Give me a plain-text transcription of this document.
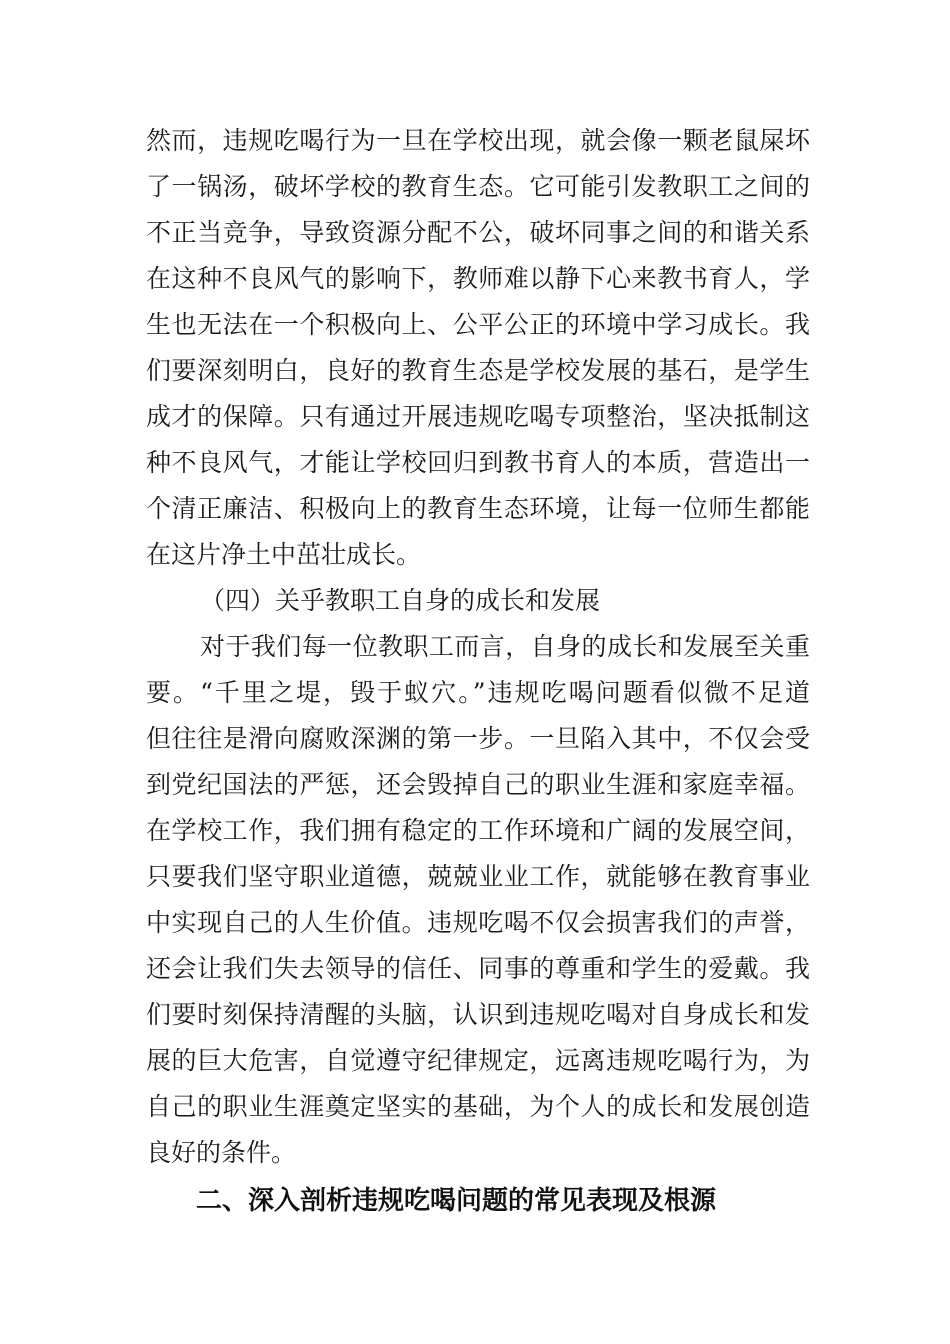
然而，违规吃喝行为一旦在学校出现，就会像一颗老鼠屎坏
了一锅汤，破坏学校的教育生态。它可能引发教职工之间的
不正当竞争，导致资源分配不公，破坏同事之间的和谐关系
在这种不良风气的影响下，教师难以静下心来教书育人，学
生也无法在一个积极向上、公平公正的环境中学习成长。我
们要深刻明白，良好的教育生态是学校发展的基石，是学生
成才的保障。只有通过开展违规吃喝专项整治，坚决抵制这
种不良风气，才能让学校回归到教书育人的本质，营造出一
个清正廉洁、积极向上的教育生态环境，让每一位师生都能
在这片净土中茁壮成长。
（四）关乎教职工自身的成长和发展
对于我们每一位教职工而言，自身的成长和发展至关重
要。“千里之堤，毁于蚁穴。”违规吃喝问题看似微不足道
但往往是滑向腐败深渊的第一步。一旦陷入其中，不仅会受
到党纪国法的严惩，还会毁掉自己的职业生涯和家庭幸福。
在学校工作，我们拥有稳定的工作环境和广阔的发展空间，
只要我们坚守职业道德，兢兢业业工作，就能够在教育事业
中实现自己的人生价值。违规吃喝不仅会损害我们的声誉，
还会让我们失去领导的信任、同事的尊重和学生的爱戴。我
们要时刻保持清醒的头脑，认识到违规吃喝对自身成长和发
展的巨大危害，自觉遵守纪律规定，远离违规吃喝行为，为
自己的职业生涯奠定坚实的基础，为个人的成长和发展创造
良好的条件。
二、深入剖析违规吃喝问题的常见表现及根源
